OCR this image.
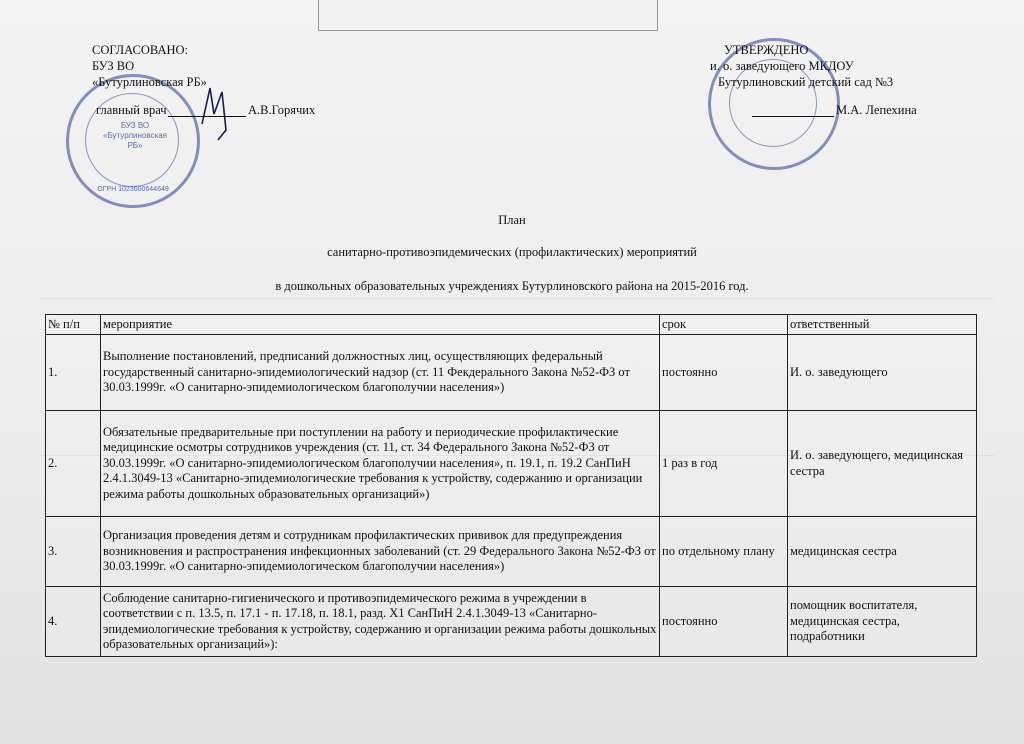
БУЗ ВО
«Бутурлиновская
РБ»
ОГРН 1023600644649
СОГЛАСОВАНО:
БУЗ ВО
«Бутурлиновская РБ»
главный врач	А.В.Горячих
УТВЕРЖДЕНО
и. о. заведующего МКДОУ
Бутурлиновский детский сад №3
М.А. Лепехина
План
санитарно-противоэпидемических (профилактических) мероприятий
в дошкольных образовательных учреждениях Бутурлиновского района на 2015-2016 год.
№ п/п	мероприятие	срок	ответственный
1.	Выполнение постановлений, предписаний должностных лиц, осуществляющих федеральный государственный санитарно-эпидемиологический надзор (ст. 11 Фекдерального Закона №52-ФЗ от 30.03.1999г. «О санитарно-эпидемиологическом благополучии населения»)	постоянно	И. о. заведующего
2.	Обязательные предварительные при поступлении на работу и периодические профилактические медицинские осмотры сотрудников учреждения (ст. 11, ст. 34 Федерального Закона №52-ФЗ от 30.03.1999г. «О санитарно-эпидемиологическом благополучии населения», п. 19.1, п. 19.2 СанПиН 2.4.1.3049-13 «Санитарно-эпидемиологические требования к устройству, содержанию и организации режима работы дошкольных образовательных организаций»)	1 раз в год	И. о. заведующего, медицинская сестра
3.	Организация проведения детям и сотрудникам профилактических прививок для предупреждения возникновения и распространения инфекционных заболеваний (ст. 29 Федерального Закона №52-ФЗ от 30.03.1999г. «О санитарно-эпидемиологическом благополучии населения»)	по отдельному плану	медицинская сестра
4.	Соблюдение санитарно-гигиенического и противоэпидемического режима в учреждении в соответствии с п. 13.5, п. 17.1 - п. 17.18, п. 18.1, разд. Х1 СанПиН 2.4.1.3049-13 «Санитарно-эпидемиологические требования к устройству, содержанию и организации режима работы дошкольных образовательных организаций»):	постоянно	помощник воспитателя, медицинская сестра, подработники
